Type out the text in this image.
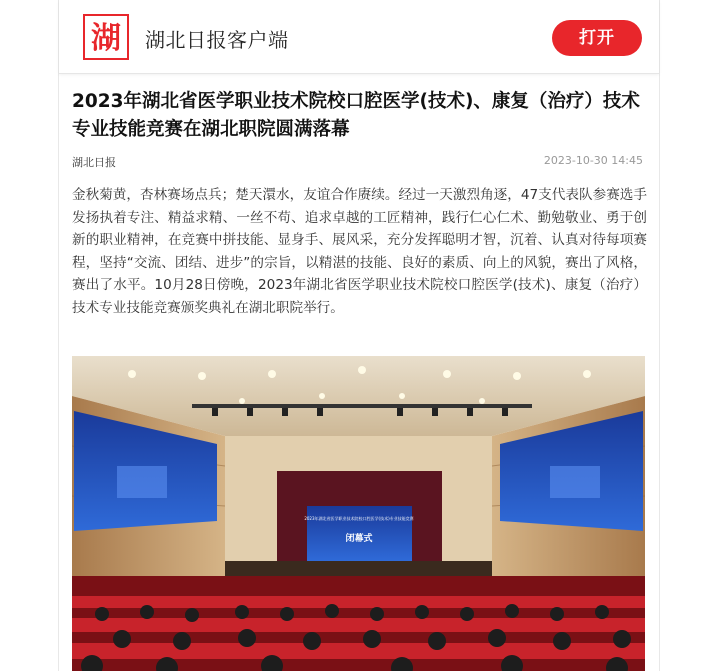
湖 湖北日报客户端	打开
2023年湖北省医学职业技术院校口腔医学(技术)、康复（治疗）技术专业技能竞赛在湖北职院圆满落幕
湖北日报	2023-10-30 14:45
金秋菊黄，杏林赛场点兵；楚天澴水，友谊合作赓续。经过一天激烈角逐，47支代表队参赛选手发扬执着专注、精益求精、一丝不苟、追求卓越的工匠精神，践行仁心仁术、勤勉敬业、勇于创新的职业精神，在竞赛中拼技能、显身手、展风采，充分发挥聪明才智，沉着、认真对待每项赛程，坚持“交流、团结、进步”的宗旨，以精湛的技能、良好的素质、向上的风貌，赛出了风格，赛出了水平。10月28日傍晚，2023年湖北省医学职业技术院校口腔医学(技术)、康复（治疗）技术专业技能竞赛颁奖典礼在湖北职院举行。
2023年湖北省医学职业技术院校口腔医学(技术)专业技能竞赛
闭幕式
